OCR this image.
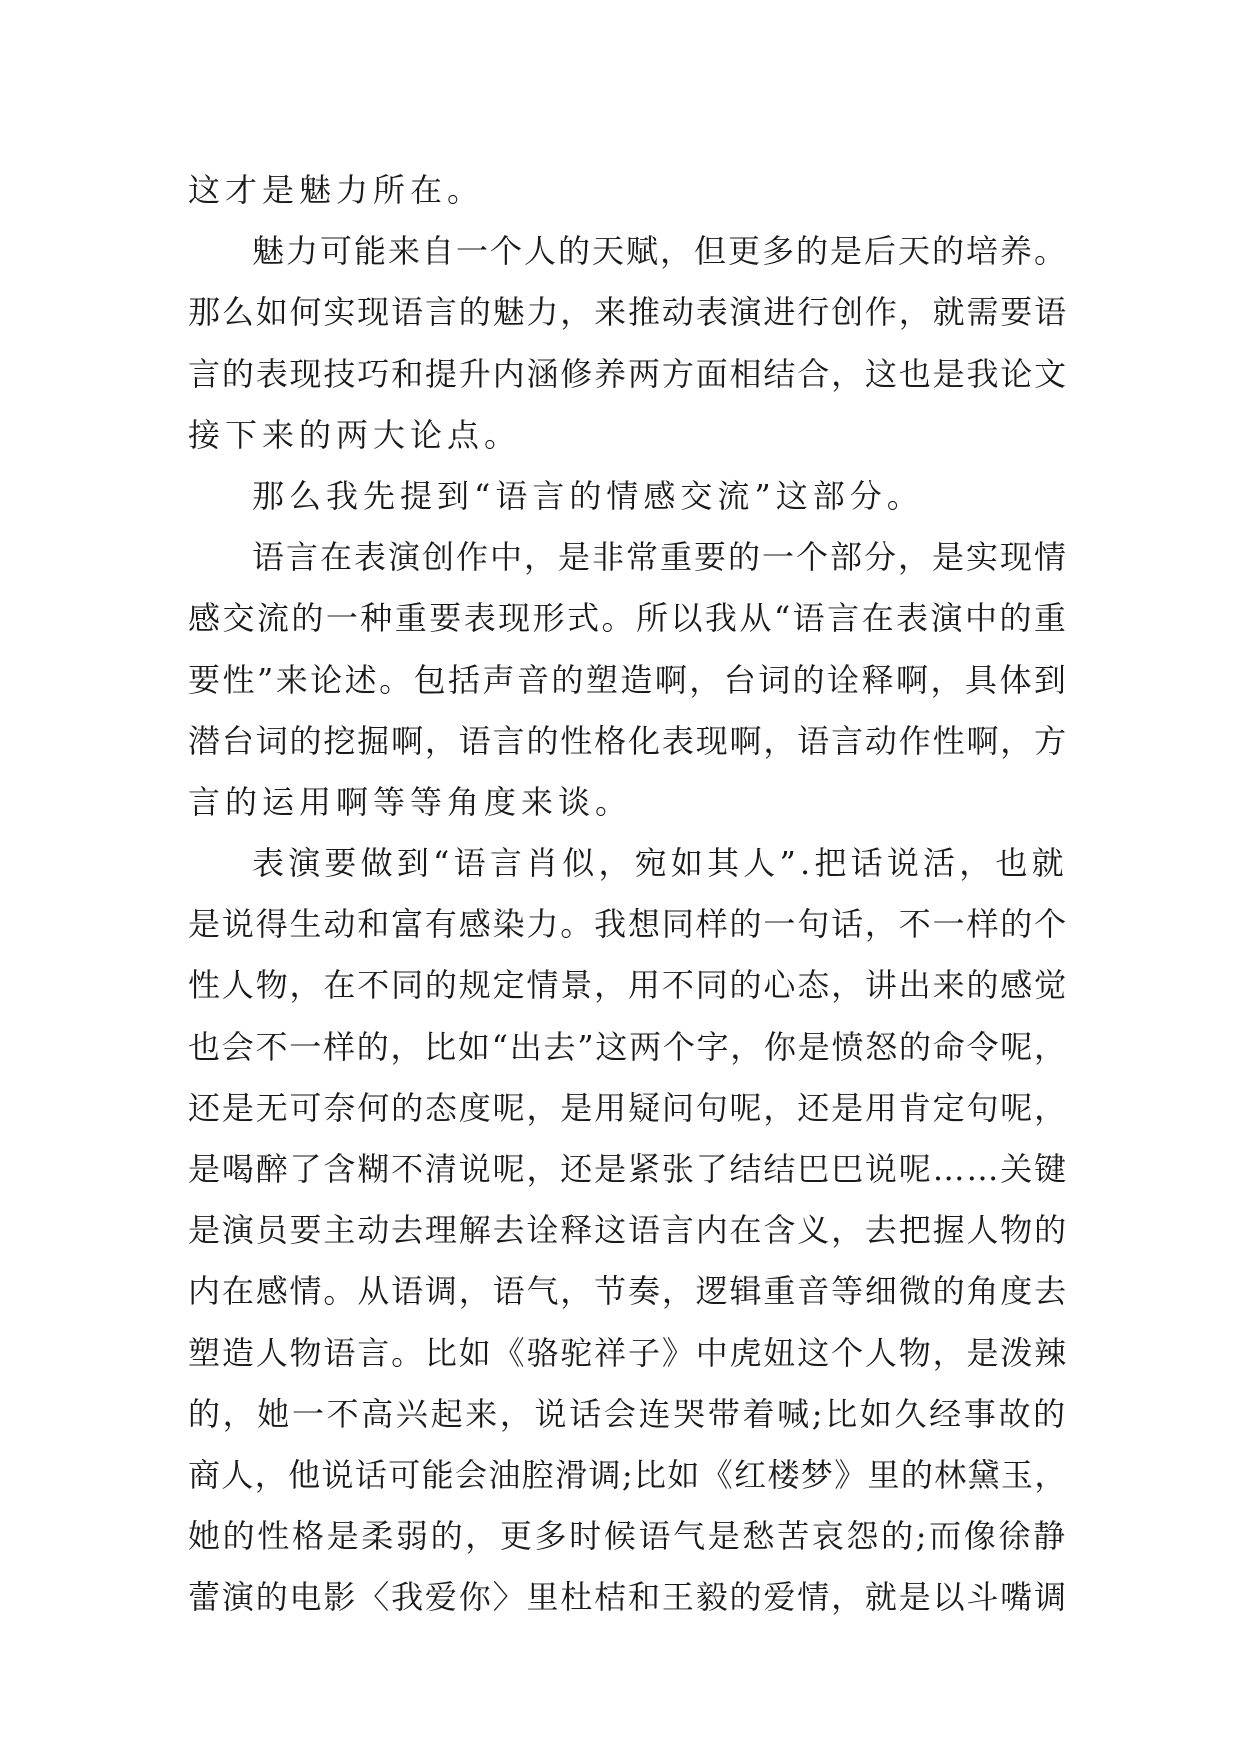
这才是魅力所在。
魅力可能来自一个人的天赋，但更多的是后天的培养。
那么如何实现语言的魅力，来推动表演进行创作，就需要语
言的表现技巧和提升内涵修养两方面相结合，这也是我论文
接下来的两大论点。
那么我先提到“语言的情感交流”这部分。
语言在表演创作中，是非常重要的一个部分，是实现情
感交流的一种重要表现形式。所以我从“语言在表演中的重
要性”来论述。包括声音的塑造啊，台词的诠释啊，具体到
潜台词的挖掘啊，语言的性格化表现啊，语言动作性啊，方
言的运用啊等等角度来谈。
表演要做到“语言肖似，宛如其人”.把话说活，也就
是说得生动和富有感染力。我想同样的一句话，不一样的个
性人物，在不同的规定情景，用不同的心态，讲出来的感觉
也会不一样的，比如“出去”这两个字，你是愤怒的命令呢，
还是无可奈何的态度呢，是用疑问句呢，还是用肯定句呢，
是喝醉了含糊不清说呢，还是紧张了结结巴巴说呢……关键
是演员要主动去理解去诠释这语言内在含义，去把握人物的
内在感情。从语调，语气，节奏，逻辑重音等细微的角度去
塑造人物语言。比如《骆驼祥子》中虎妞这个人物，是泼辣
的，她一不高兴起来，说话会连哭带着喊;比如久经事故的
商人，他说话可能会油腔滑调;比如《红楼梦》里的林黛玉，
她的性格是柔弱的，更多时候语气是愁苦哀怨的;而像徐静
蕾演的电影〈我爱你〉里杜桔和王毅的爱情，就是以斗嘴调
